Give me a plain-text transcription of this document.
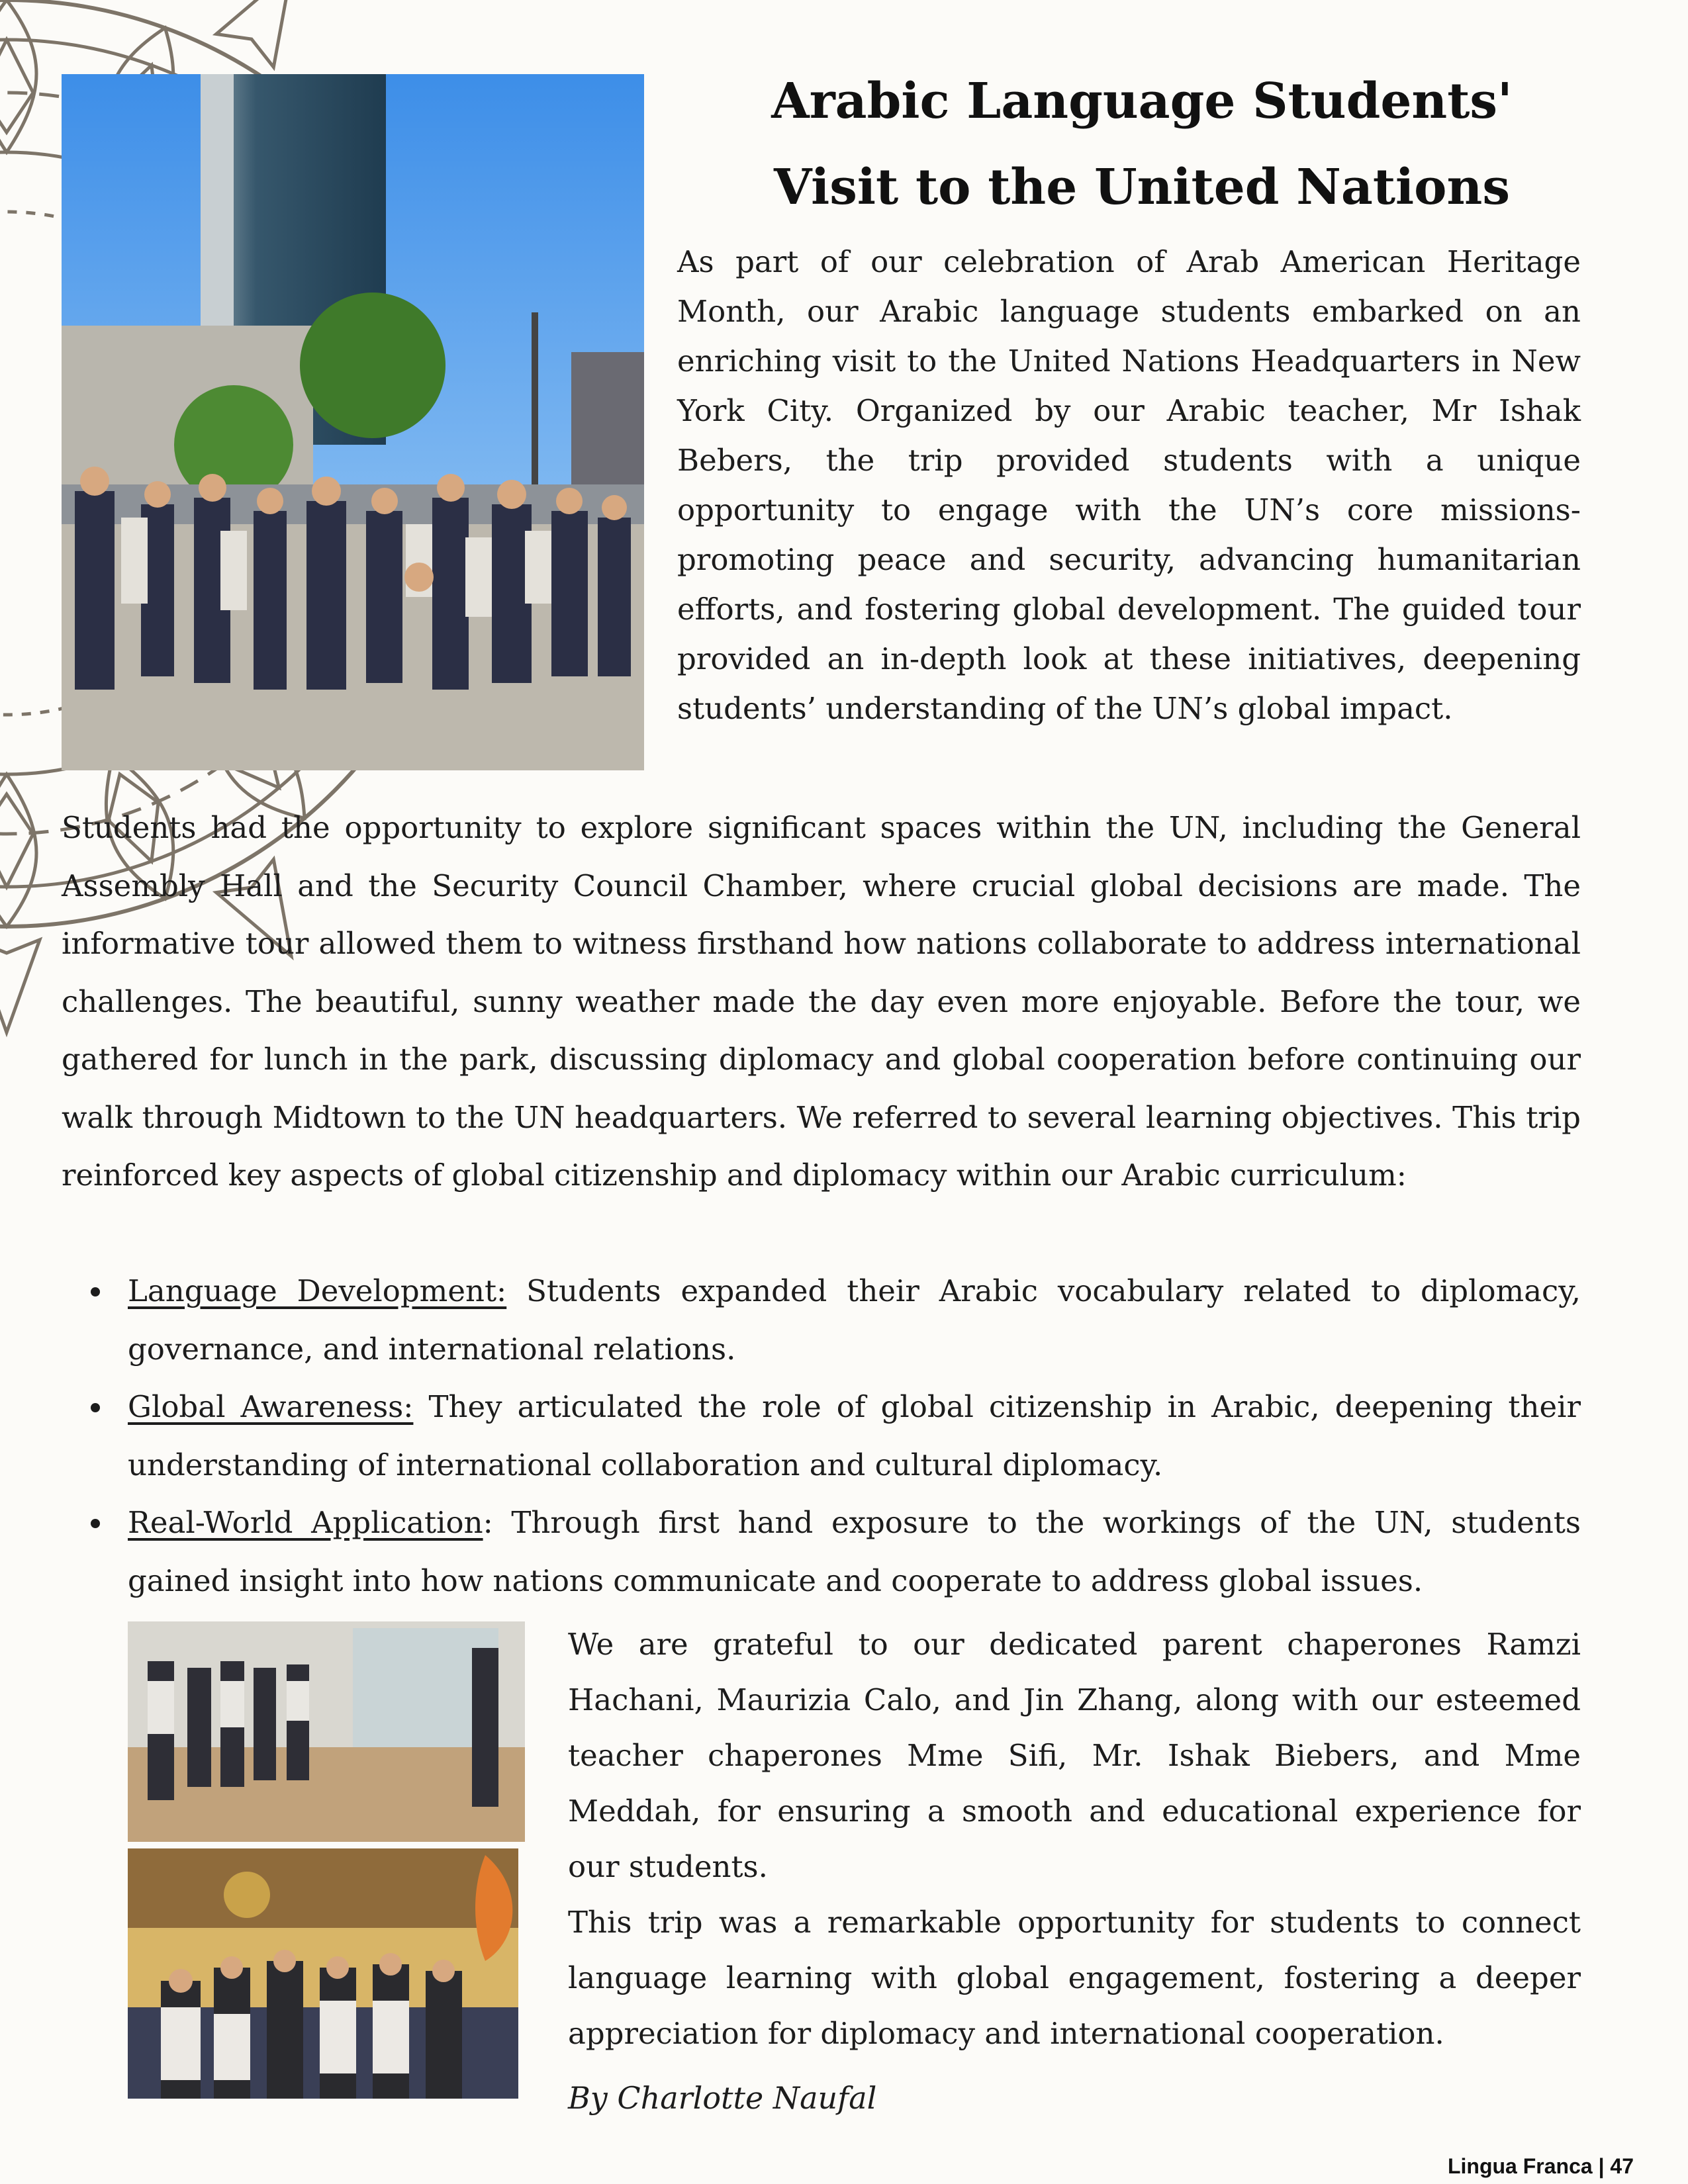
Arabic Language Students'
Visit to the United Nations

As part of our celebration of Arab American Heritage Month, our Arabic language students embarked on an enriching visit to the United Nations Headquarters in New York City. Organized by our Arabic teacher, Mr Ishak Bebers, the trip provided students with a unique opportunity to engage with the UN’s core missions- promoting peace and security, advancing humanitarian efforts, and fostering global development. The guided tour provided an in-depth look at these initiatives, deepening students’ understanding of the UN’s global impact.

Students had the opportunity to explore significant spaces within the UN, including the General Assembly Hall and the Security Council Chamber, where crucial global decisions are made. The informative tour allowed them to witness firsthand how nations collaborate to address international challenges. The beautiful, sunny weather made the day even more enjoyable. Before the tour, we gathered for lunch in the park, discussing diplomacy and global cooperation before continuing our walk through Midtown to the UN headquarters. We referred to several learning objectives. This trip reinforced key aspects of global citizenship and diplomacy within our Arabic curriculum:

Language Development: Students expanded their Arabic vocabulary related to diplomacy, governance, and international relations.
Global Awareness: They articulated the role of global citizenship in Arabic, deepening their understanding of international collaboration and cultural diplomacy.
Real-World Application: Through first hand exposure to the workings of the UN, students gained insight into how nations communicate and cooperate to address global issues.

We are grateful to our dedicated parent chaperones Ramzi Hachani, Maurizia Calo, and Jin Zhang, along with our esteemed teacher chaperones Mme Sifi, Mr. Ishak Biebers, and Mme Meddah, for ensuring a smooth and educational experience for our students.

This trip was a remarkable opportunity for students to connect language learning with global engagement, fostering a deeper appreciation for diplomacy and international cooperation.

By Charlotte Naufal

Lingua Franca | 47
